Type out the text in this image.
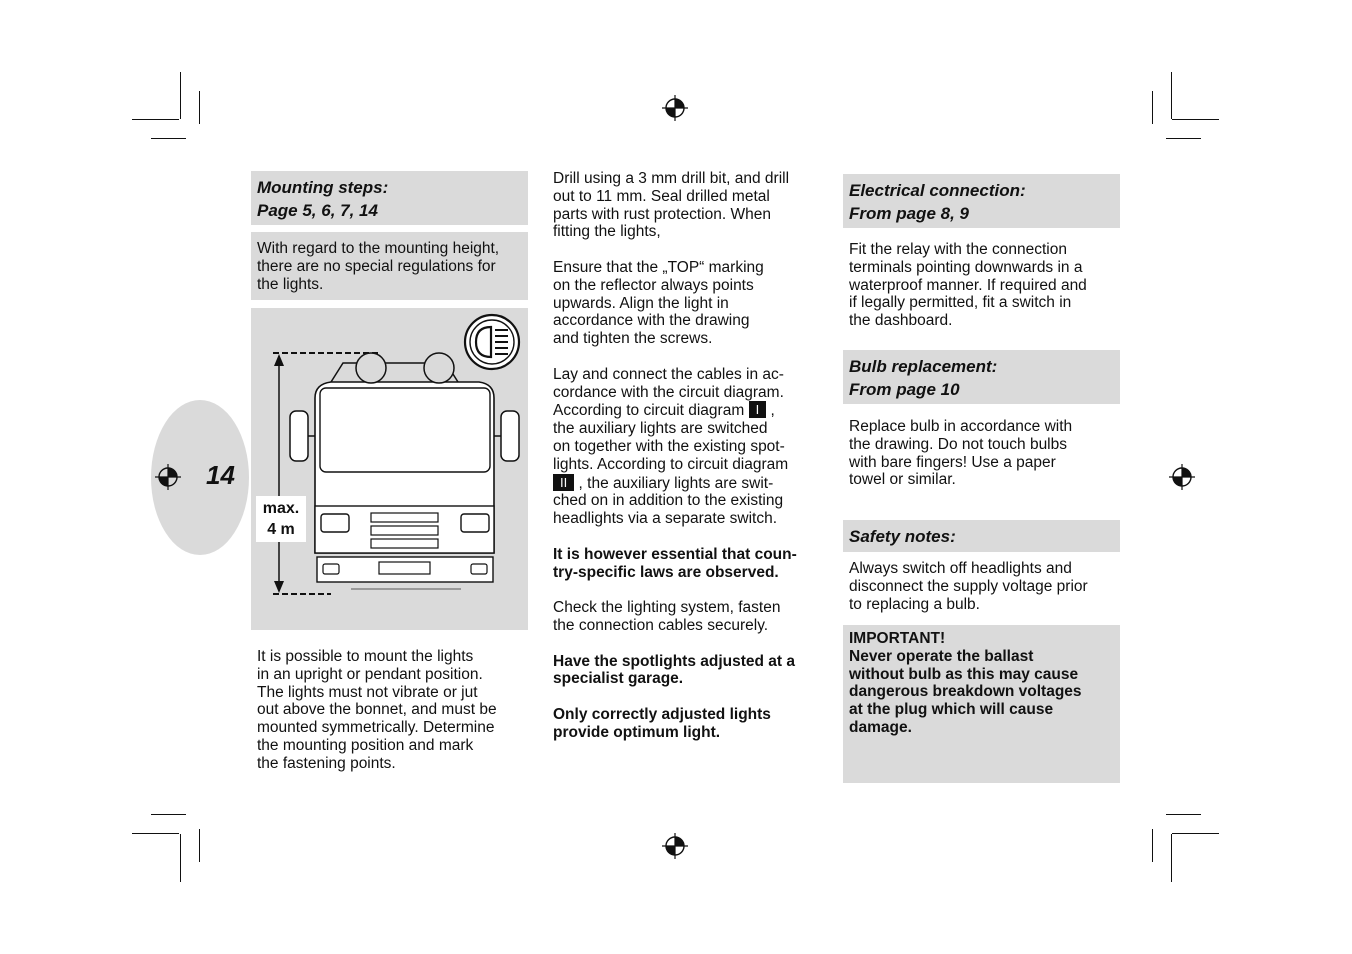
14
Mounting steps:
Page 5, 6, 7, 14
With regard to the mounting height,
there are no special regulations for
the lights.
max.
4 m
It is possible to mount the lights
in an upright or pendant position.
The lights must not vibrate or jut
out above the bonnet, and must be
mounted symmetrically. Determine
the mounting position and mark
the fastening points.
Drill using a 3 mm drill bit, and drill
out to 11 mm. Seal drilled metal
parts with rust protection. When
fitting the lights,
Ensure that the „TOP“ marking
on the reflector always points
upwards. Align the light in
accordance with the drawing
and tighten the screws.
Lay and connect the cables in ac-
cordance with the circuit diagram.
According to circuit diagram I ,
the auxiliary lights are switched
on together with the existing spot-
lights. According to circuit diagram
II , the auxiliary lights are swit-
ched on in addition to the existing
headlights via a separate switch.
It is however essential that coun-
try-specific laws are observed.
Check the lighting system, fasten
the connection cables securely.
Have the spotlights adjusted at a
specialist garage.
Only correctly adjusted lights
provide optimum light.
Electrical connection:
From page 8, 9
Fit the relay with the connection
terminals pointing downwards in a
waterproof manner. If required and
if legally permitted, fit a switch in
the dashboard.
Bulb replacement:
From page 10
Replace bulb in accordance with
the drawing. Do not touch bulbs
with bare fingers! Use a paper
towel or similar.
Safety notes:
Always switch off headlights and
disconnect the supply voltage prior
to replacing a bulb.
IMPORTANT!
Never operate the ballast
without bulb as this may cause
dangerous breakdown voltages
at the plug which will cause
damage.
